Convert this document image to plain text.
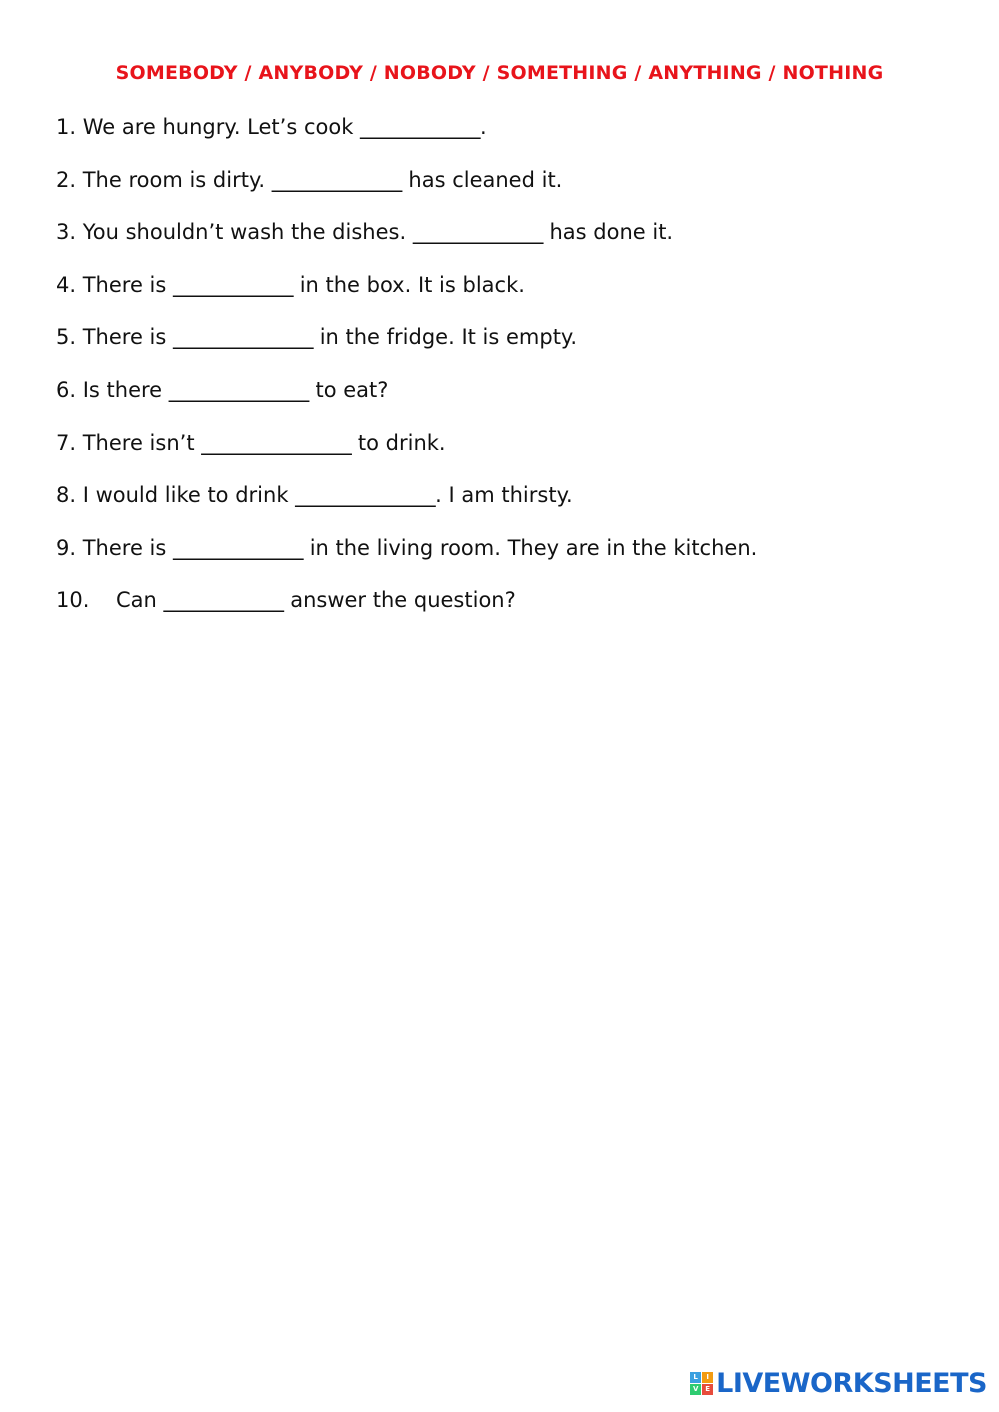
SOMEBODY / ANYBODY / NOBODY / SOMETHING / ANYTHING / NOTHING
1. We are hungry. Let’s cook ____________.
2. The room is dirty. _____________ has cleaned it.
3. You shouldn’t wash the dishes. _____________ has done it.
4. There is ____________ in the box. It is black.
5. There is ______________ in the fridge. It is empty.
6. Is there ______________ to eat?
7. There isn’t _______________ to drink.
8. I would like to drink ______________. I am thirsty.
9. There is _____________ in the living room. They are in the kitchen.
10. Can ____________ answer the question?
L	I
V E LIVEWORKSHEETS
